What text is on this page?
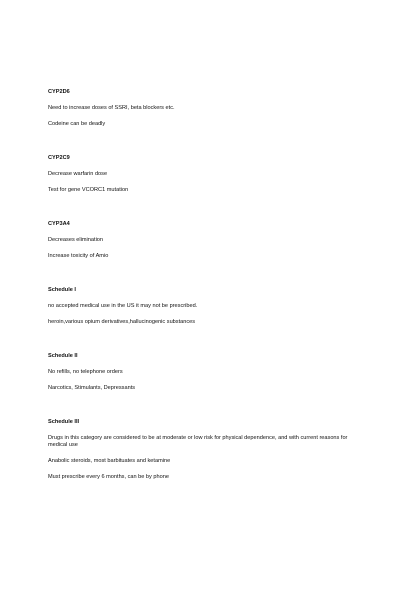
CYP2D6

Need to increase doses of SSRI, beta blockers etc.

Codeine can be deadly

CYP2C9

Decrease warfarin dose

Test for gene VCORC1 mutation

CYP3A4

Decreases elimination

Increase toxicity of Amio

Schedule I

no accepted medical use in the US it may not be prescribed.

heroin,various opium derivatives,hallucinogenic substances

Schedule II

No refills, no telephone orders

Narcotics, Stimulants, Depressants

Schedule III

Drugs in this category are considered to be at moderate or low risk for physical dependence, and with current reasons for medical use

Anabolic steroids, most barbituates and ketamine

Must prescribe every 6 months, can be by phone
